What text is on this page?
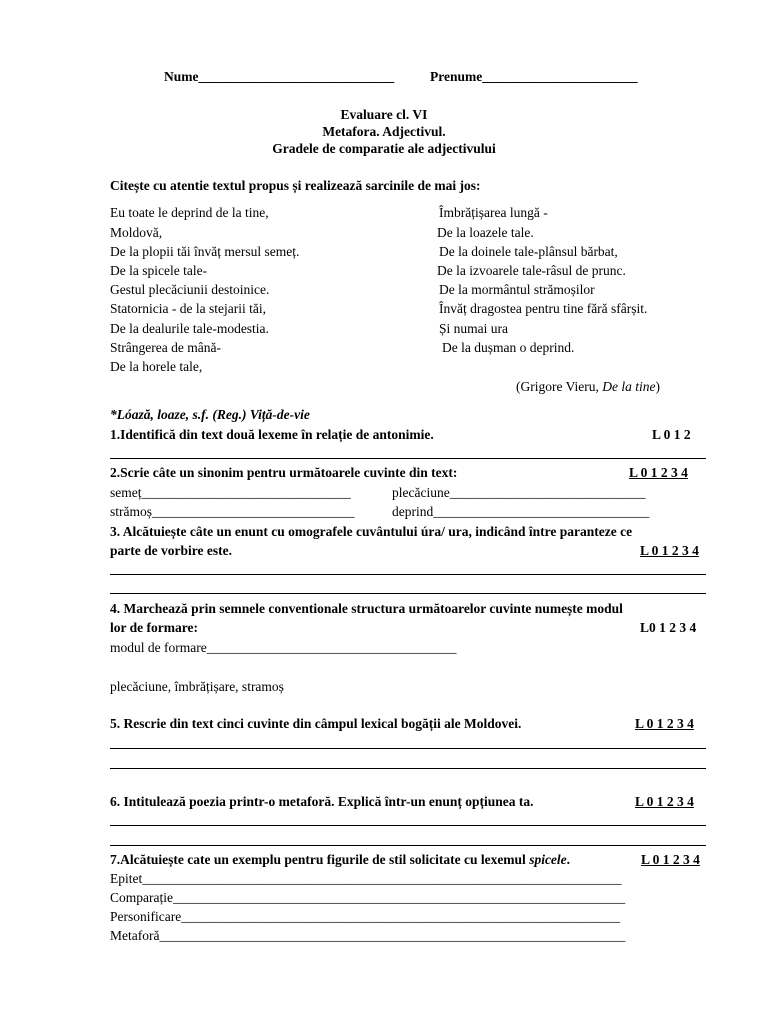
Nume_____________________________	Prenume_______________________
Evaluare cl. VI
Metafora. Adjectivul.
Gradele de comparatie ale adjectivului
Citește cu atentie textul propus și realizează sarcinile de mai jos:
Eu toate le deprind de la tine,
Moldovă,
De la plopii tăi învăț mersul semeț.
De la spicele tale-
Gestul plecăciunii destoinice.
Statornicia - de la stejarii tăi,
De la dealurile tale-modestia.
Strângerea de mână-
De la horele tale,
Îmbrățișarea lungă -
De la loazele tale.
De la doinele tale-plânsul bărbat,
De la izvoarele tale-râsul de prunc.
De la mormântul strămoșilor
Învăț dragostea pentru tine fără sfârșit.
Și numai ura
De la dușman o deprind.
(Grigore Vieru, De la tine)
*Lóază, loaze, s.f. (Reg.) Viță-de-vie
1.Identifică din text două lexeme în relație de antonimie.	L 0 1 2
2.Scrie câte un sinonim pentru următoarele cuvinte din text:	L 0 1 2 3 4
semeț_______________________________	plecăciune_____________________________
strămoș______________________________	deprind________________________________
3. Alcătuiește câte un enunt cu omografele cuvântului úra/ ura, indicând între paranteze ce
parte de vorbire este.	L 0 1 2 3 4
4. Marchează prin semnele conventionale structura următoarelor cuvinte numește modul
lor de formare:	L0 1 2 3 4
modul de formare_____________________________________
plecăciune, îmbrățișare, stramoș
5. Rescrie din text cinci cuvinte din câmpul lexical bogății ale Moldovei.	L 0 1 2 3 4
6. Intitulează poezia printr-o metaforă. Explică într-un enunț opțiunea ta.	L 0 1 2 3 4
7.Alcătuiește cate un exemplu pentru figurile de stil solicitate cu lexemul spicele.	L 0 1 2 3 4
Epitet_______________________________________________________________________
Comparație___________________________________________________________________
Personificare_________________________________________________________________
Metaforă_____________________________________________________________________
